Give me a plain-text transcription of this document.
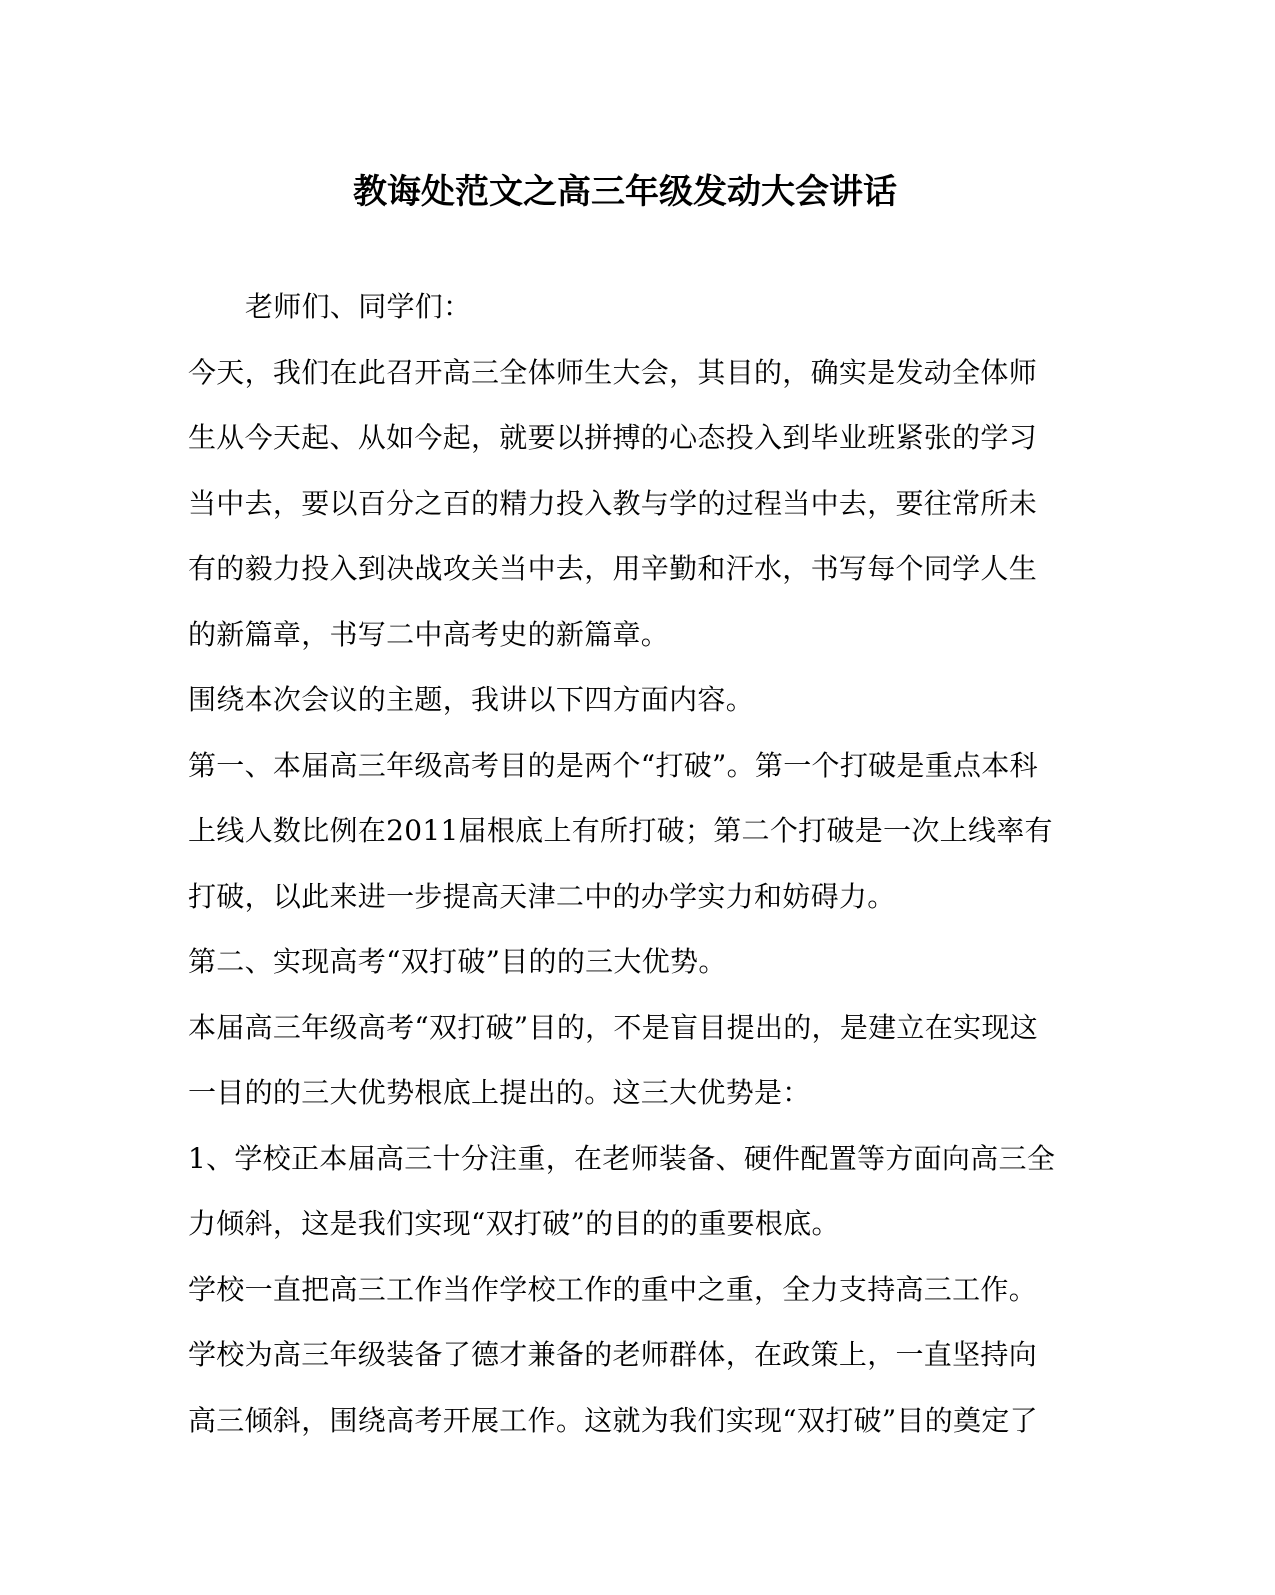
教诲处范文之高三年级发动大会讲话
老师们、同学们：
今天，我们在此召开高三全体师生大会，其目的，确实是发动全体师
生从今天起、从如今起，就要以拼搏的心态投入到毕业班紧张的学习
当中去，要以百分之百的精力投入教与学的过程当中去，要往常所未
有的毅力投入到决战攻关当中去，用辛勤和汗水，书写每个同学人生
的新篇章，书写二中高考史的新篇章。
围绕本次会议的主题，我讲以下四方面内容。
第一、本届高三年级高考目的是两个“打破”。第一个打破是重点本科
上线人数比例在2011届根底上有所打破；第二个打破是一次上线率有
打破，以此来进一步提高天津二中的办学实力和妨碍力。
第二、实现高考“双打破”目的的三大优势。
本届高三年级高考“双打破”目的，不是盲目提出的，是建立在实现这
一目的的三大优势根底上提出的。这三大优势是：
1、学校正本届高三十分注重，在老师装备、硬件配置等方面向高三全
力倾斜，这是我们实现“双打破”的目的的重要根底。
学校一直把高三工作当作学校工作的重中之重，全力支持高三工作。
学校为高三年级装备了德才兼备的老师群体，在政策上，一直坚持向
高三倾斜，围绕高考开展工作。这就为我们实现“双打破”目的奠定了
